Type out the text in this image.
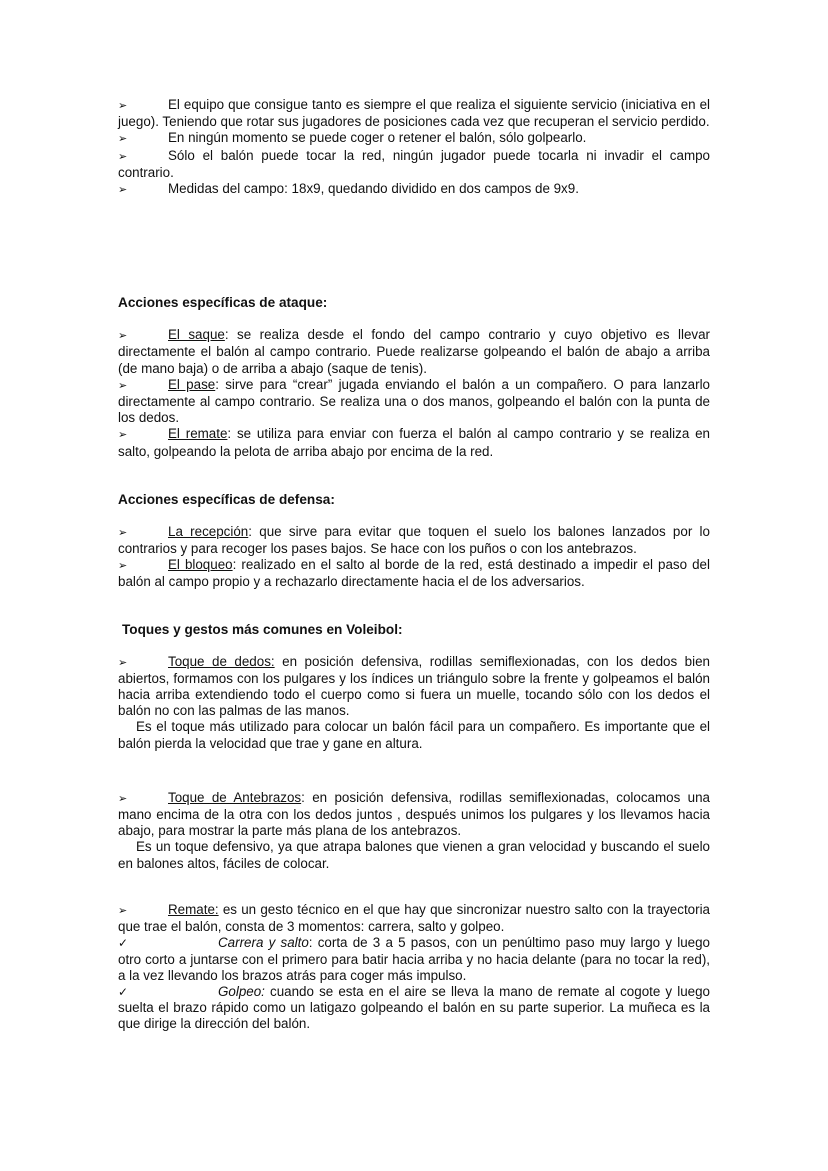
➢	El equipo que consigue tanto es siempre el que realiza el siguiente servicio (iniciativa en el juego). Teniendo que rotar sus jugadores de posiciones cada vez que recuperan el servicio perdido.

➢	En ningún momento se puede coger o retener el balón, sólo golpearlo.

➢	Sólo el balón puede tocar la red, ningún jugador puede tocarla ni invadir el campo contrario.

➢	Medidas del campo: 18x9, quedando dividido en dos campos de 9x9.

Acciones específicas de ataque:

➢	El saque: se realiza desde el fondo del campo contrario y cuyo objetivo es llevar directamente el balón al campo contrario. Puede realizarse golpeando el balón de abajo a arriba (de mano baja) o de arriba a abajo (saque de tenis).

➢	El pase: sirve para “crear” jugada enviando el balón a un compañero. O para lanzarlo directamente al campo contrario. Se realiza una o dos manos, golpeando el balón con la punta de los dedos.

➢	El remate: se utiliza para enviar con fuerza el balón al campo contrario y se realiza en salto, golpeando la pelota de arriba abajo por encima de la red.

Acciones específicas de defensa:

➢	La recepción: que sirve para evitar que toquen el suelo los balones lanzados por lo contrarios y para recoger los pases bajos. Se hace con los puños o con los antebrazos.

➢	El bloqueo: realizado en el salto al borde de la red, está destinado a impedir el paso del balón al campo propio y a rechazarlo directamente hacia el de los adversarios.

Toques y gestos más comunes en Voleibol:

➢	Toque de dedos: en posición defensiva, rodillas semiflexionadas, con los dedos bien abiertos, formamos con los pulgares y los índices un triángulo sobre la frente y golpeamos el balón hacia arriba extendiendo todo el cuerpo como si fuera un muelle, tocando sólo con los dedos el balón no con las palmas de las manos.

Es el toque más utilizado para colocar un balón fácil para un compañero. Es importante que el balón pierda la velocidad que trae y gane en altura.

➢	Toque de Antebrazos: en posición defensiva, rodillas semiflexionadas, colocamos una mano encima de la otra con los dedos juntos , después unimos los pulgares y los llevamos hacia abajo, para mostrar la parte más plana de los antebrazos.

Es un toque defensivo, ya que atrapa balones que vienen a gran velocidad y buscando el suelo en balones altos, fáciles de colocar.

➢	Remate: es un gesto técnico en el que hay que sincronizar nuestro salto con la trayectoria que trae el balón, consta de 3 momentos: carrera, salto y golpeo.

✓	Carrera y salto: corta de 3 a 5 pasos, con un penúltimo paso muy largo y luego otro corto a juntarse con el primero para batir hacia arriba y no hacia delante (para no tocar la red), a la vez llevando los brazos atrás para coger más impulso.

✓	Golpeo: cuando se esta en el aire se lleva la mano de remate al cogote y luego suelta el brazo rápido como un latigazo golpeando el balón en su parte superior. La muñeca es la que dirige la dirección del balón.
